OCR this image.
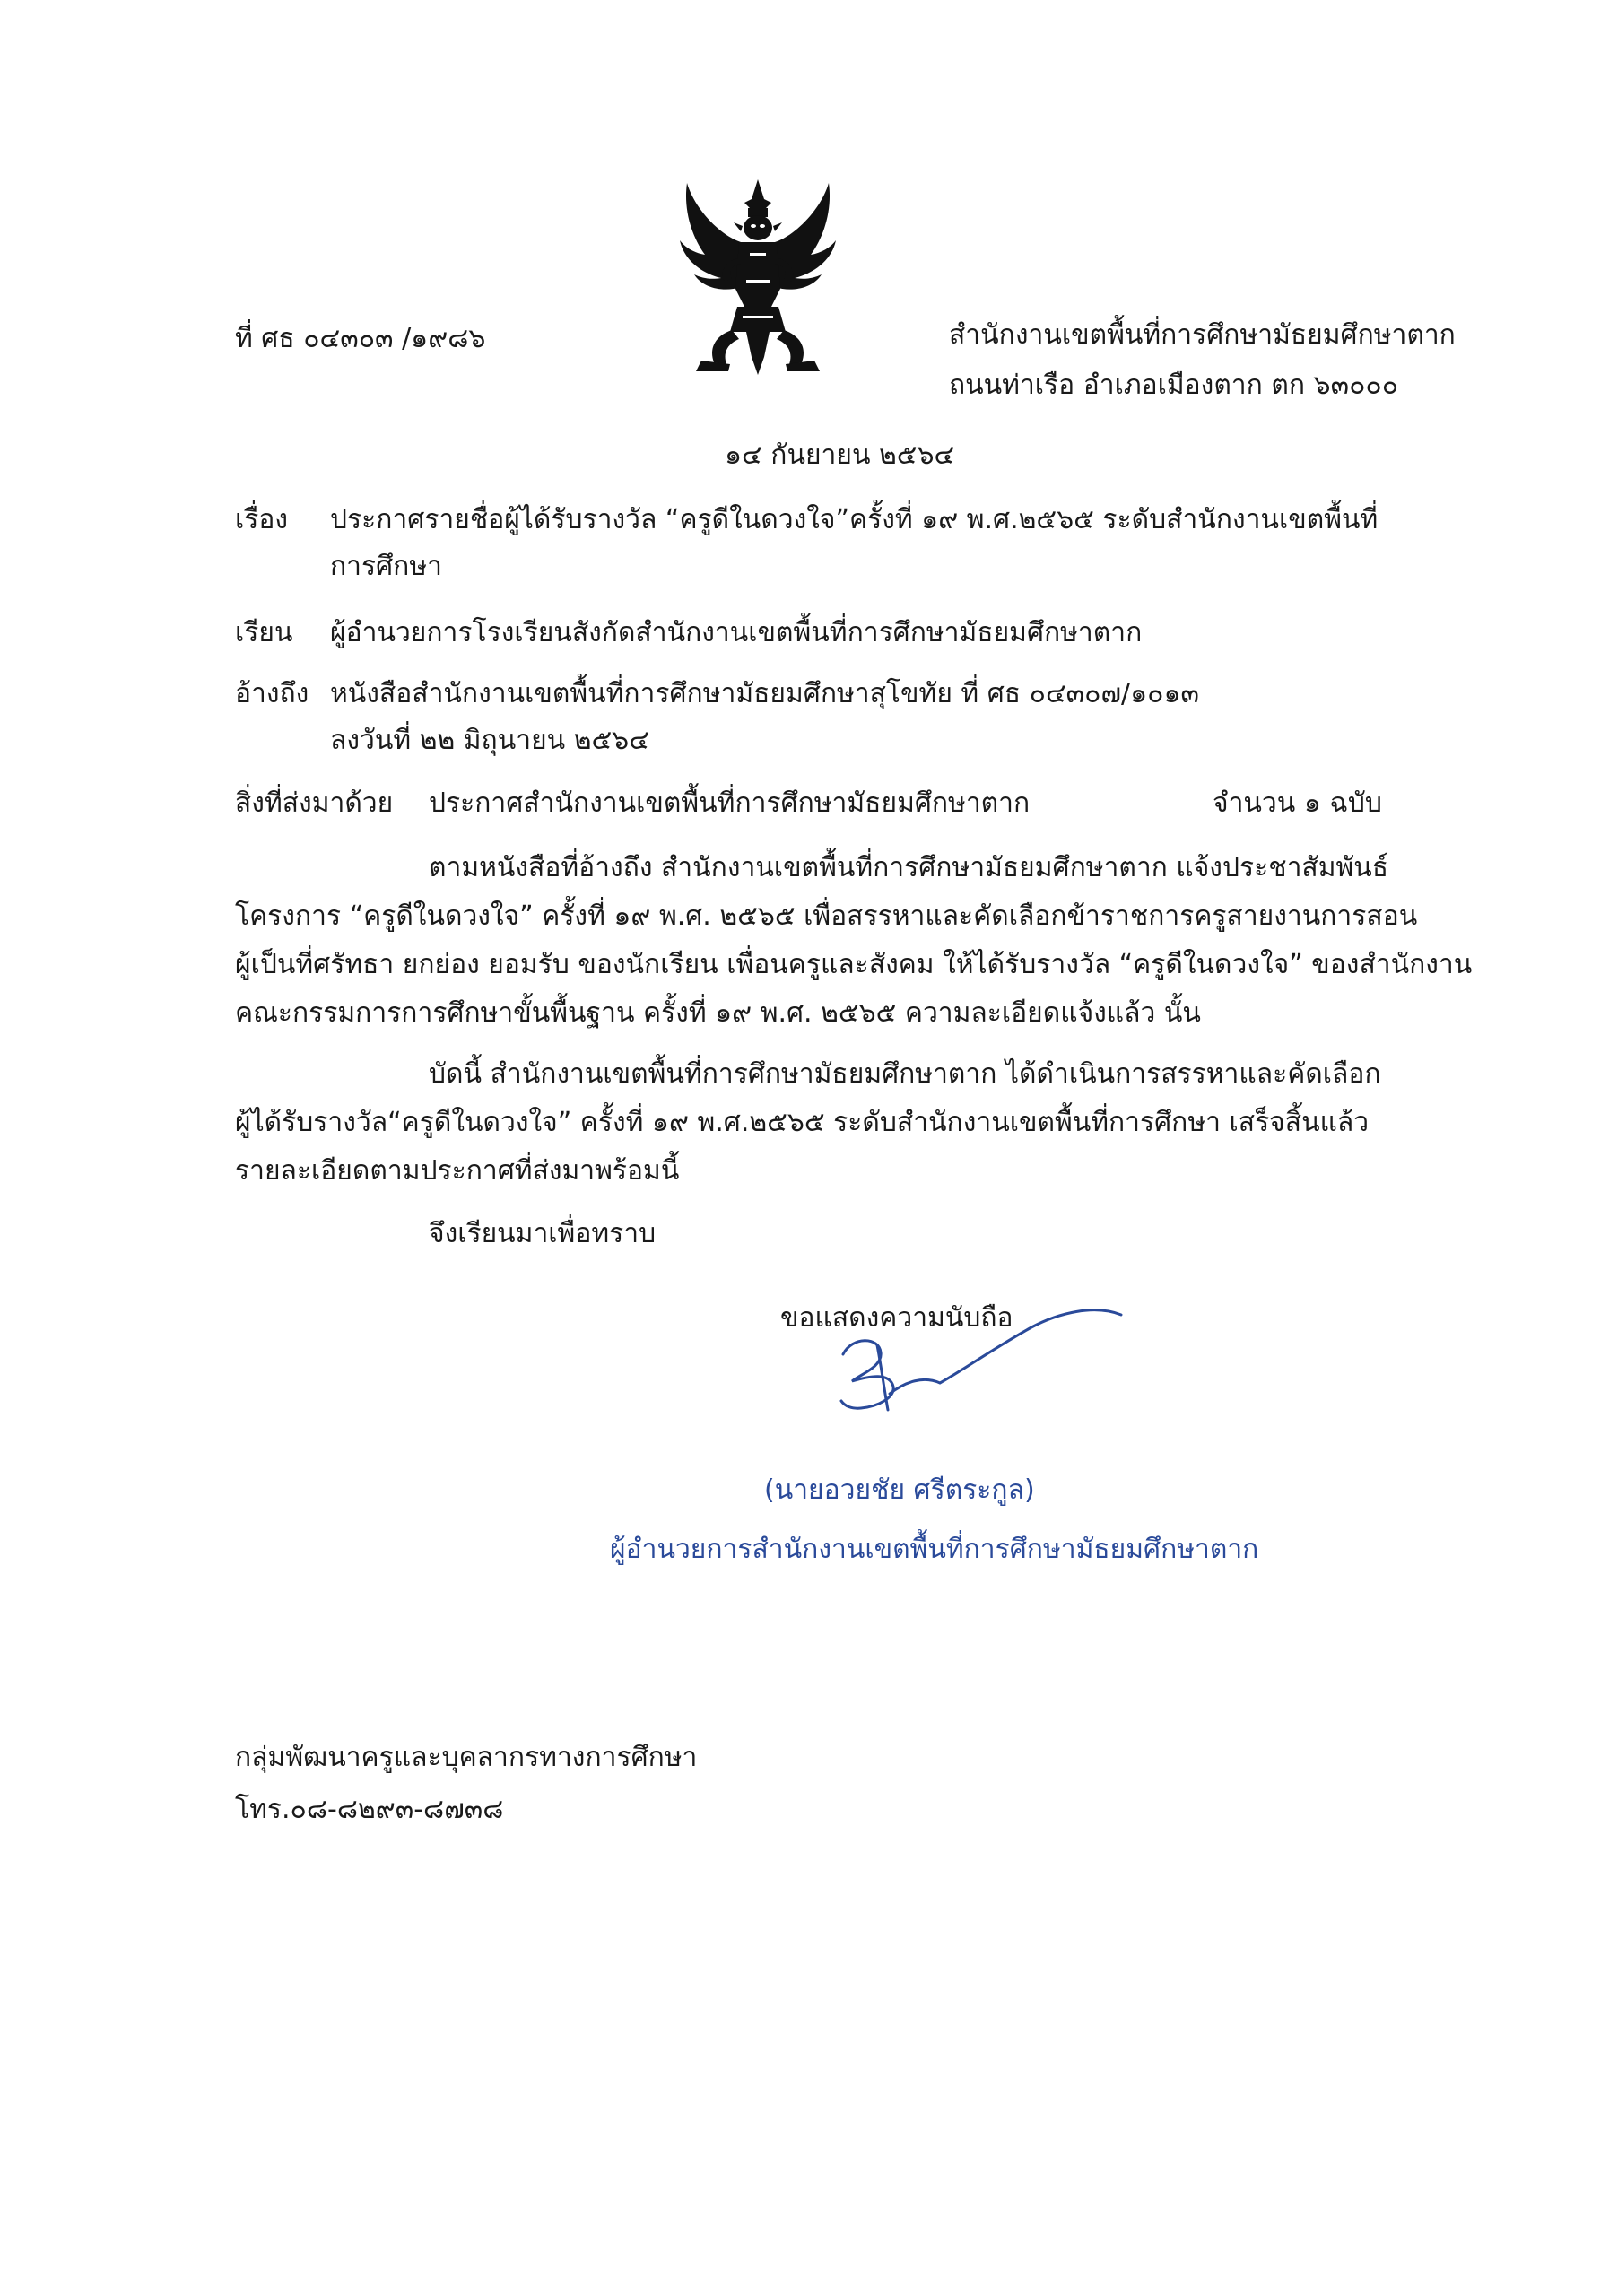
ที่ ศธ ๐๔๓๐๓ /๑๙๘๖	สำนักงานเขตพื้นที่การศึกษามัธยมศึกษาตาก
ถนนท่าเรือ อำเภอเมืองตาก ตก ๖๓๐๐๐
๑๔ กันยายน ๒๕๖๔
เรื่อง ประกาศรายชื่อผู้ได้รับรางวัล “ครูดีในดวงใจ”ครั้งที่ ๑๙ พ.ศ.๒๕๖๕ ระดับสำนักงานเขตพื้นที่
การศึกษา
เรียน ผู้อำนวยการโรงเรียนสังกัดสำนักงานเขตพื้นที่การศึกษามัธยมศึกษาตาก
อ้างถึง หนังสือสำนักงานเขตพื้นที่การศึกษามัธยมศึกษาสุโขทัย ที่ ศธ ๐๔๓๐๗/๑๐๑๓
ลงวันที่ ๒๒ มิถุนายน ๒๕๖๔
สิ่งที่ส่งมาด้วย ประกาศสำนักงานเขตพื้นที่การศึกษามัธยมศึกษาตาก	จำนวน ๑ ฉบับ
ตามหนังสือที่อ้างถึง สำนักงานเขตพื้นที่การศึกษามัธยมศึกษาตาก แจ้งประชาสัมพันธ์
โครงการ “ครูดีในดวงใจ” ครั้งที่ ๑๙ พ.ศ. ๒๕๖๕ เพื่อสรรหาและคัดเลือกข้าราชการครูสายงานการสอน
ผู้เป็นที่ศรัทธา ยกย่อง ยอมรับ ของนักเรียน เพื่อนครูและสังคม ให้ได้รับรางวัล “ครูดีในดวงใจ” ของสำนักงาน
คณะกรรมการการศึกษาขั้นพื้นฐาน ครั้งที่ ๑๙ พ.ศ. ๒๕๖๕ ความละเอียดแจ้งแล้ว นั้น
บัดนี้ สำนักงานเขตพื้นที่การศึกษามัธยมศึกษาตาก ได้ดำเนินการสรรหาและคัดเลือก
ผู้ได้รับรางวัล“ครูดีในดวงใจ” ครั้งที่ ๑๙ พ.ศ.๒๕๖๕ ระดับสำนักงานเขตพื้นที่การศึกษา เสร็จสิ้นแล้ว
รายละเอียดตามประกาศที่ส่งมาพร้อมนี้
จึงเรียนมาเพื่อทราบ
ขอแสดงความนับถือ
(นายอวยชัย ศรีตระกูล)
ผู้อำนวยการสำนักงานเขตพื้นที่การศึกษามัธยมศึกษาตาก
กลุ่มพัฒนาครูและบุคลากรทางการศึกษา
โทร.๐๘-๘๒๙๓-๘๗๓๘
